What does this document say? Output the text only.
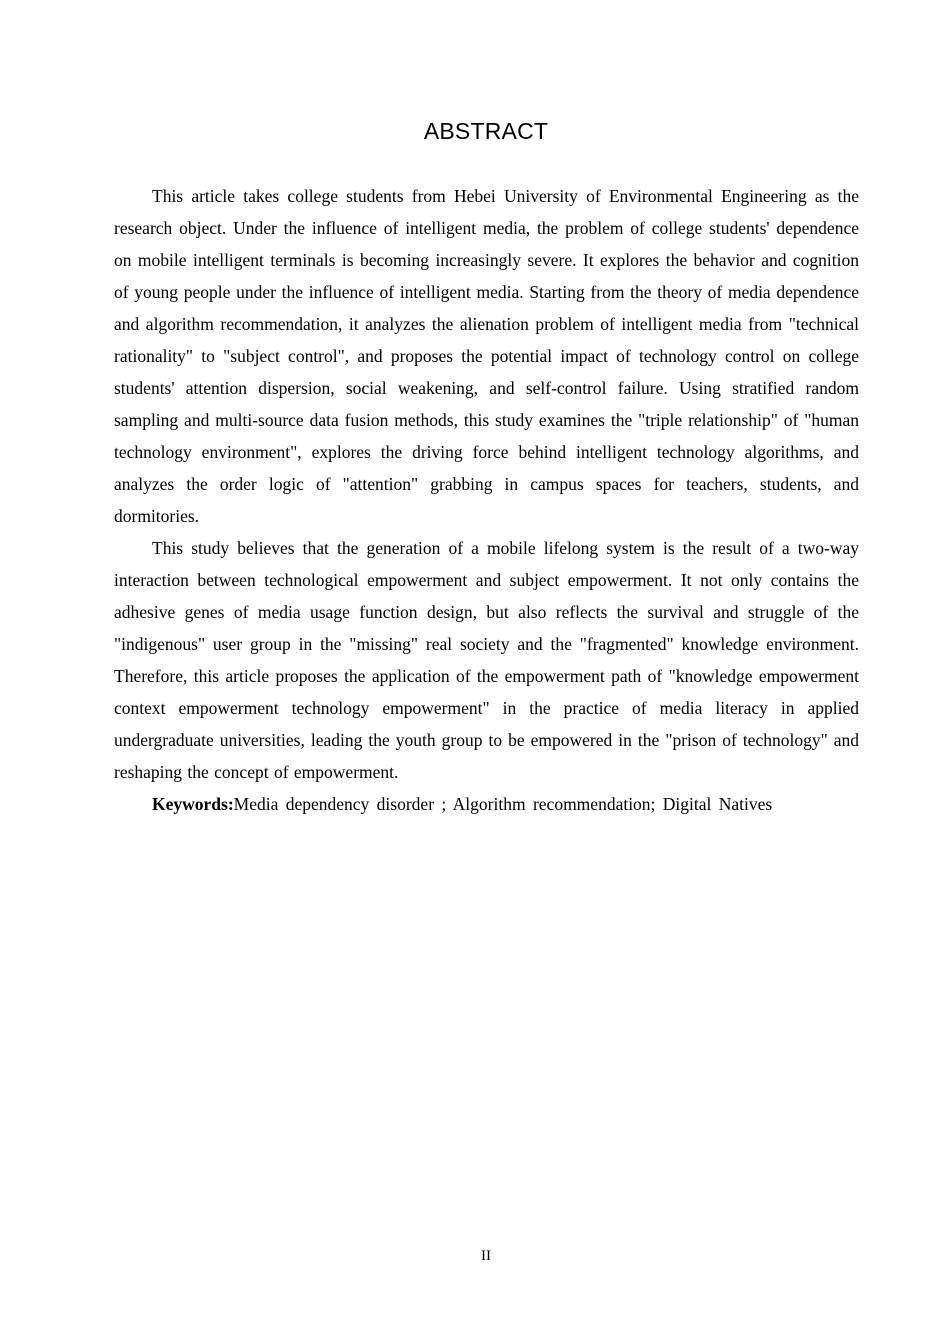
ABSTRACT

This article takes college students from Hebei University of Environmental Engineering as the research object. Under the influence of intelligent media, the problem of college students' dependence on mobile intelligent terminals is becoming increasingly severe. It explores the behavior and cognition of young people under the influence of intelligent media. Starting from the theory of media dependence and algorithm recommendation, it analyzes the alienation problem of intelligent media from "technical rationality" to "subject control", and proposes the potential impact of technology control on college students' attention dispersion, social weakening, and self-control failure. Using stratified random sampling and multi-source data fusion methods, this study examines the "triple relationship" of "human technology environment", explores the driving force behind intelligent technology algorithms, and analyzes the order logic of "attention" grabbing in campus spaces for teachers, students, and dormitories.

This study believes that the generation of a mobile lifelong system is the result of a two-way interaction between technological empowerment and subject empowerment. It not only contains the adhesive genes of media usage function design, but also reflects the survival and struggle of the "indigenous" user group in the "missing" real society and the "fragmented" knowledge environment. Therefore, this article proposes the application of the empowerment path of "knowledge empowerment context empowerment technology empowerment" in the practice of media literacy in applied undergraduate universities, leading the youth group to be empowered in the "prison of technology" and reshaping the concept of empowerment.

Keywords:Media dependency disorder ; Algorithm recommendation; Digital Natives
II
